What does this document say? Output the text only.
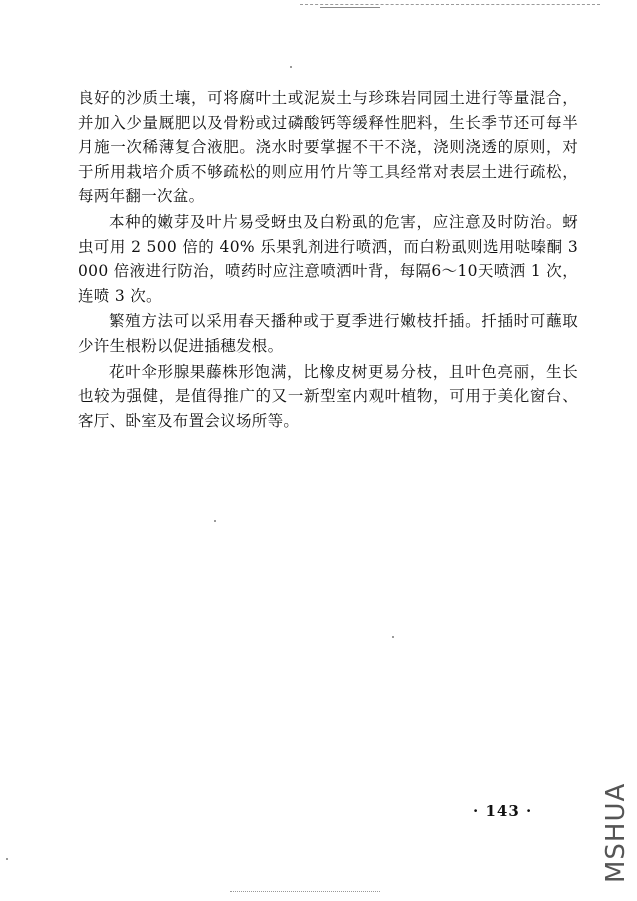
良好的沙质土壤，可将腐叶土或泥炭土与珍珠岩同园土进行等量混合，并加入少量厩肥以及骨粉或过磷酸钙等缓释性肥料，生长季节还可每半月施一次稀薄复合液肥。浇水时要掌握不干不浇，浇则浇透的原则，对于所用栽培介质不够疏松的则应用竹片等工具经常对表层土进行疏松，每两年翻一次盆。

本种的嫩芽及叶片易受蚜虫及白粉虱的危害，应注意及时防治。蚜虫可用 2 500 倍的 40% 乐果乳剂进行喷洒，而白粉虱则选用哒嗪酮 3 000 倍液进行防治，喷药时应注意喷洒叶背，每隔6～10天喷洒 1 次，连喷 3 次。

繁殖方法可以采用春天播种或于夏季进行嫩枝扦插。扦插时可蘸取少许生根粉以促进插穗发根。

花叶伞形腺果藤株形饱满，比橡皮树更易分枝，且叶色亮丽，生长也较为强健，是值得推广的又一新型室内观叶植物，可用于美化窗台、客厅、卧室及布置会议场所等。

· 143 ·	MSHUA
